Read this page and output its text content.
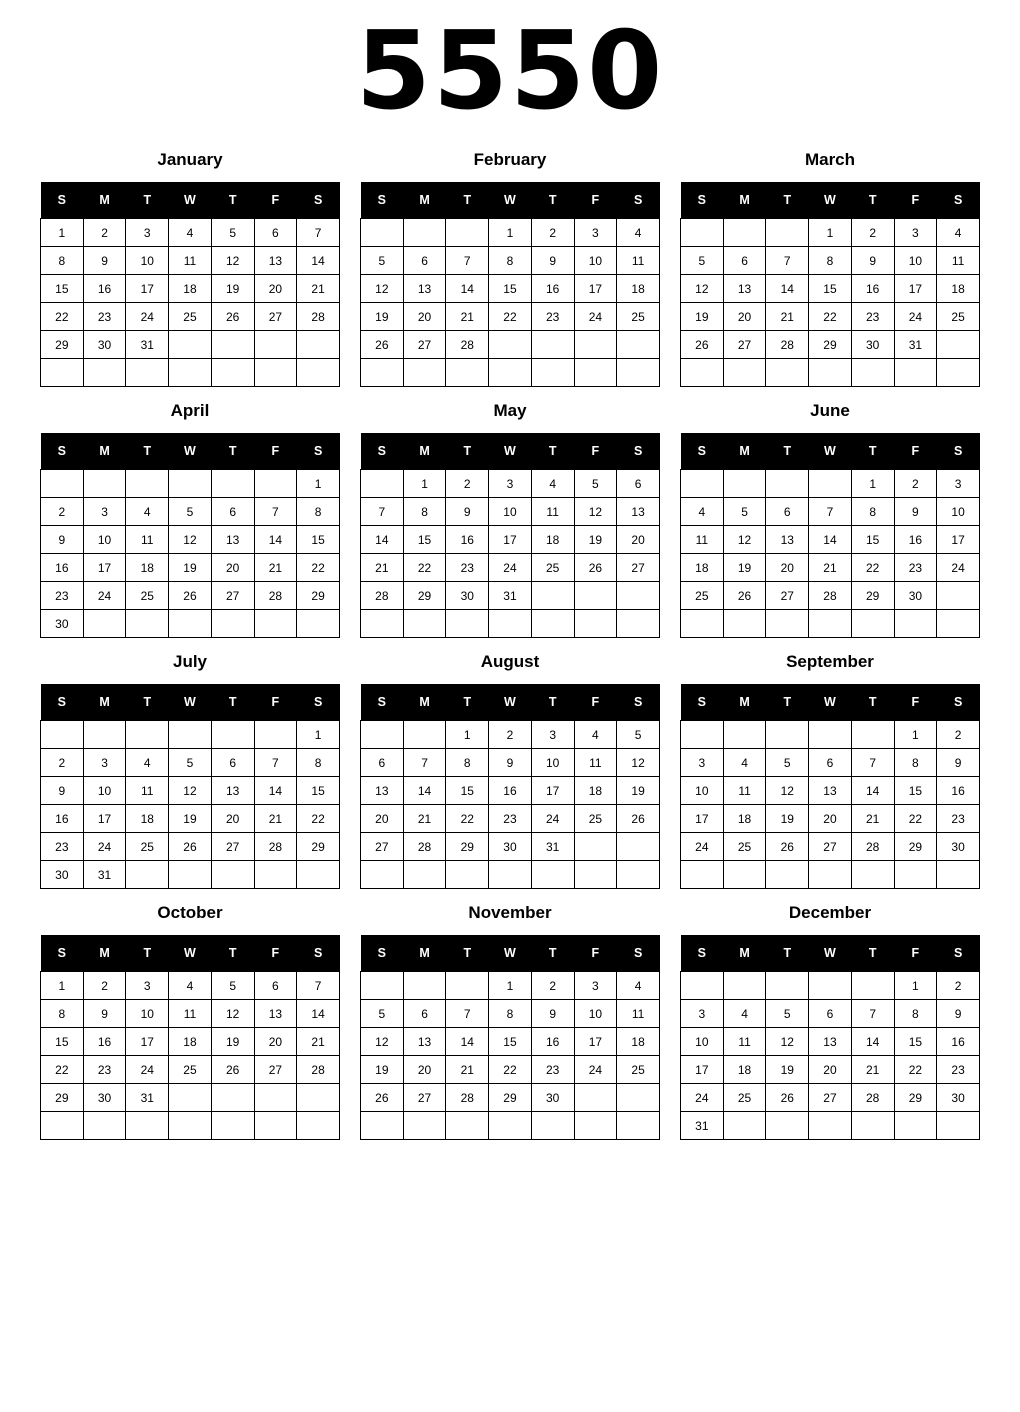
5550
January
S	M	T	W	T	F	S
1	2	3	4	5	6	7
8	9	10	11	12	13	14
15	16	17	18	19	20	21
22	23	24	25	26	27	28
29	30	31				

February
S	M	T	W	T	F	S
			1	2	3	4
5	6	7	8	9	10	11
12	13	14	15	16	17	18
19	20	21	22	23	24	25
26	27	28				

March
S	M	T	W	T	F	S
			1	2	3	4
5	6	7	8	9	10	11
12	13	14	15	16	17	18
19	20	21	22	23	24	25
26	27	28	29	30	31	

April
S	M	T	W	T	F	S
						1
2	3	4	5	6	7	8
9	10	11	12	13	14	15
16	17	18	19	20	21	22
23	24	25	26	27	28	29
30						
May
S	M	T	W	T	F	S
	1	2	3	4	5	6
7	8	9	10	11	12	13
14	15	16	17	18	19	20
21	22	23	24	25	26	27
28	29	30	31			

June
S	M	T	W	T	F	S
				1	2	3
4	5	6	7	8	9	10
11	12	13	14	15	16	17
18	19	20	21	22	23	24
25	26	27	28	29	30	

July
S	M	T	W	T	F	S
						1
2	3	4	5	6	7	8
9	10	11	12	13	14	15
16	17	18	19	20	21	22
23	24	25	26	27	28	29
30	31					
August
S	M	T	W	T	F	S
		1	2	3	4	5
6	7	8	9	10	11	12
13	14	15	16	17	18	19
20	21	22	23	24	25	26
27	28	29	30	31		

September
S	M	T	W	T	F	S
					1	2
3	4	5	6	7	8	9
10	11	12	13	14	15	16
17	18	19	20	21	22	23
24	25	26	27	28	29	30

October
S	M	T	W	T	F	S
1	2	3	4	5	6	7
8	9	10	11	12	13	14
15	16	17	18	19	20	21
22	23	24	25	26	27	28
29	30	31				

November
S	M	T	W	T	F	S
			1	2	3	4
5	6	7	8	9	10	11
12	13	14	15	16	17	18
19	20	21	22	23	24	25
26	27	28	29	30		

December
S	M	T	W	T	F	S
					1	2
3	4	5	6	7	8	9
10	11	12	13	14	15	16
17	18	19	20	21	22	23
24	25	26	27	28	29	30
31						
